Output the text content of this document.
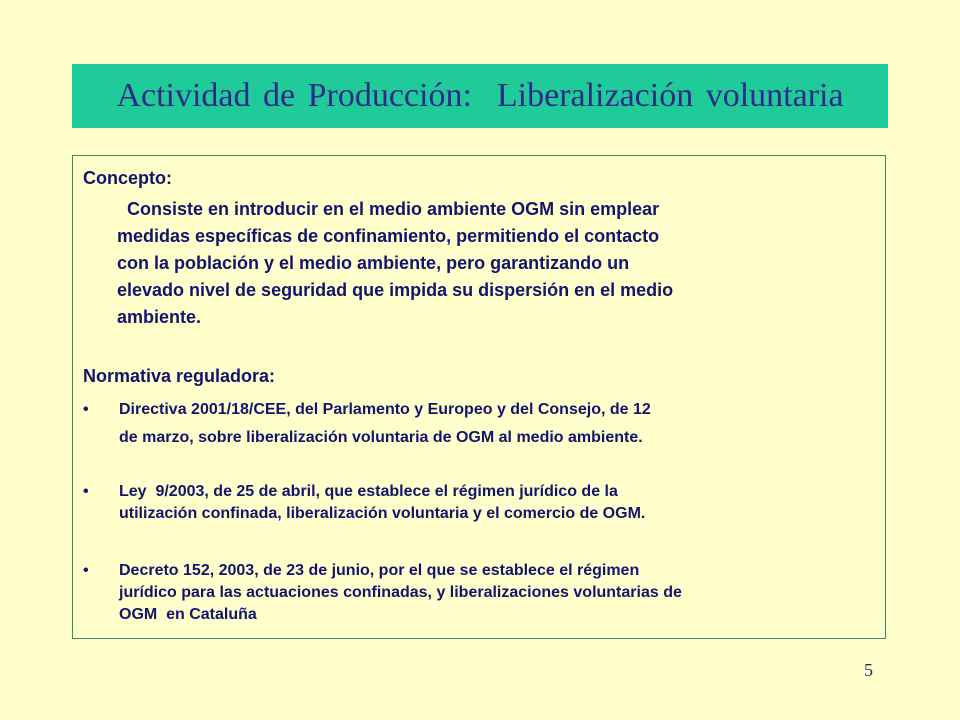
Actividad de Producción:  Liberalización voluntaria
Concepto:
Consiste en introducir en el medio ambiente OGM sin emplear
medidas específicas de confinamiento, permitiendo el contacto
con la población y el medio ambiente, pero garantizando un
elevado nivel de seguridad que impida su dispersión en el medio
ambiente.
Normativa reguladora:
•	Directiva 2001/18/CEE, del Parlamento y Europeo y del Consejo, de 12
de marzo, sobre liberalización voluntaria de OGM al medio ambiente.
•	Ley  9/2003, de 25 de abril, que establece el régimen jurídico de la
utilización confinada, liberalización voluntaria y el comercio de OGM.
•	Decreto 152, 2003, de 23 de junio, por el que se establece el régimen
jurídico para las actuaciones confinadas, y liberalizaciones voluntarias de
OGM  en Cataluña
5
